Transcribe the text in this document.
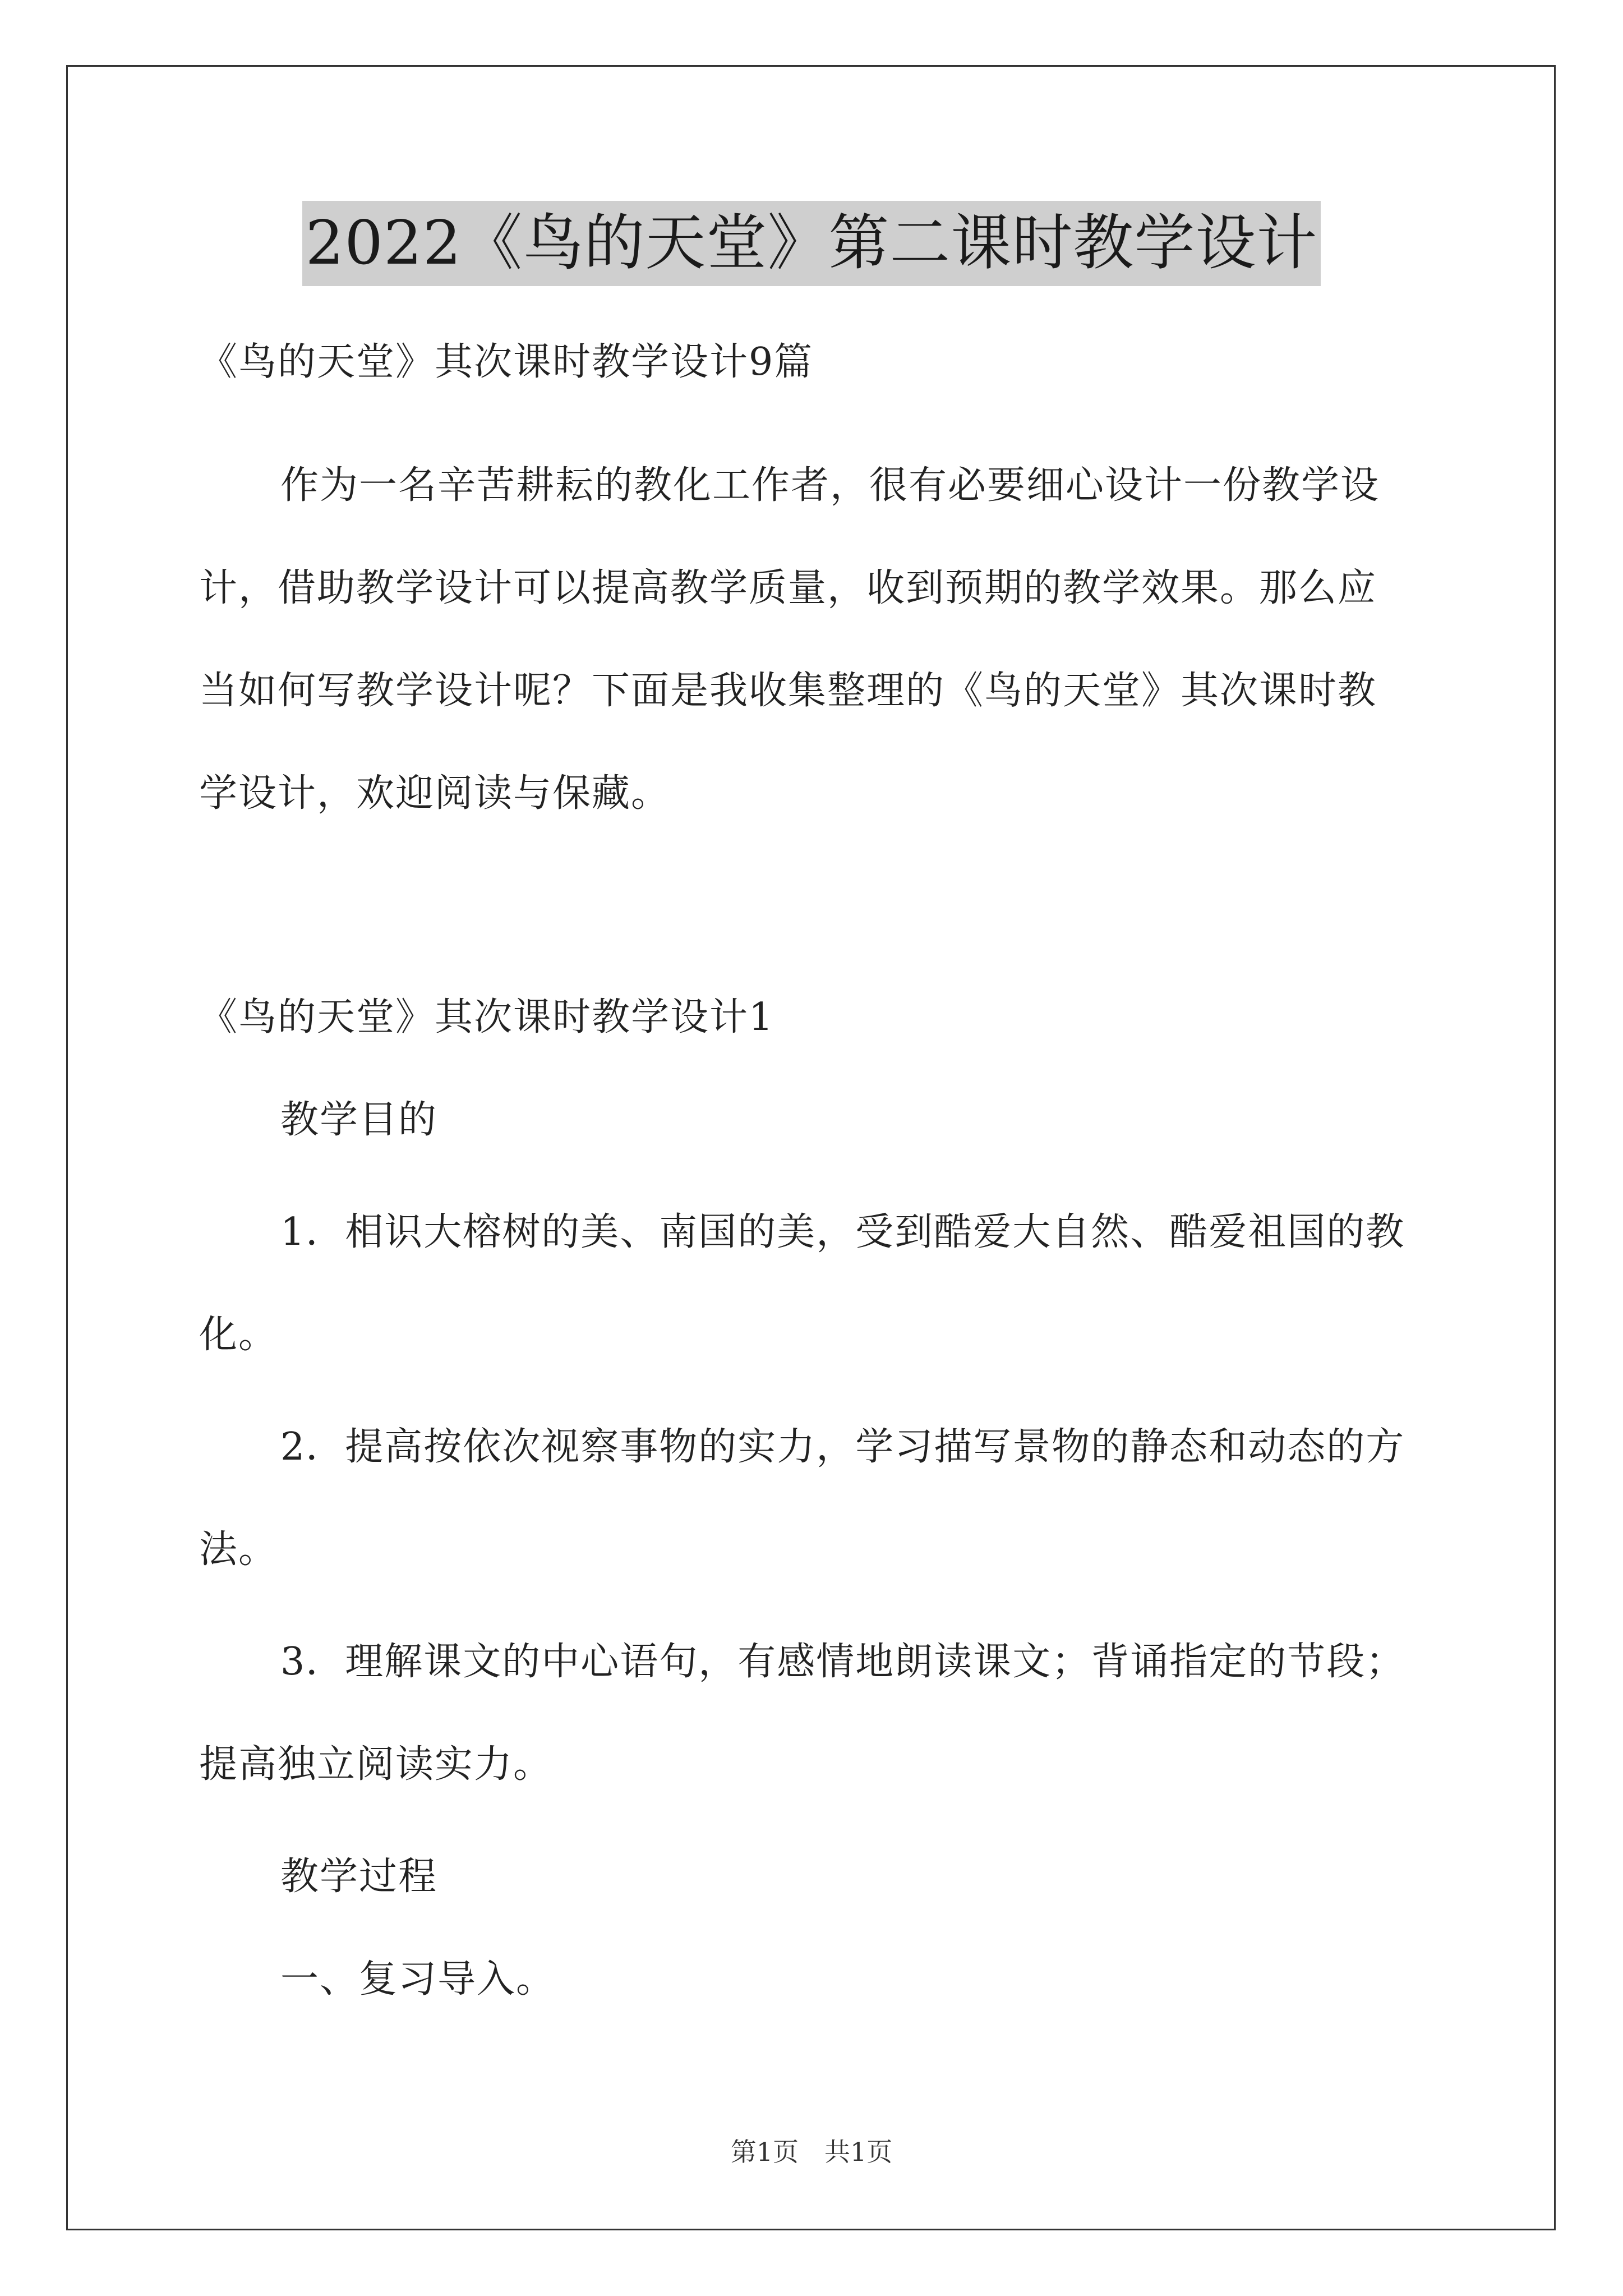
2022《鸟的天堂》第二课时教学设计
《鸟的天堂》其次课时教学设计9篇
作为一名辛苦耕耘的教化工作者，很有必要细心设计一份教学设
计，借助教学设计可以提高教学质量，收到预期的教学效果。那么应
当如何写教学设计呢？下面是我收集整理的《鸟的天堂》其次课时教
学设计，欢迎阅读与保藏。
《鸟的天堂》其次课时教学设计1
教学目的
1．相识大榕树的美、南国的美，受到酷爱大自然、酷爱祖国的教
化。
2．提高按依次视察事物的实力，学习描写景物的静态和动态的方
法。
3．理解课文的中心语句，有感情地朗读课文；背诵指定的节段；
提高独立阅读实力。
教学过程
一、复习导入。
第1页　共1页
